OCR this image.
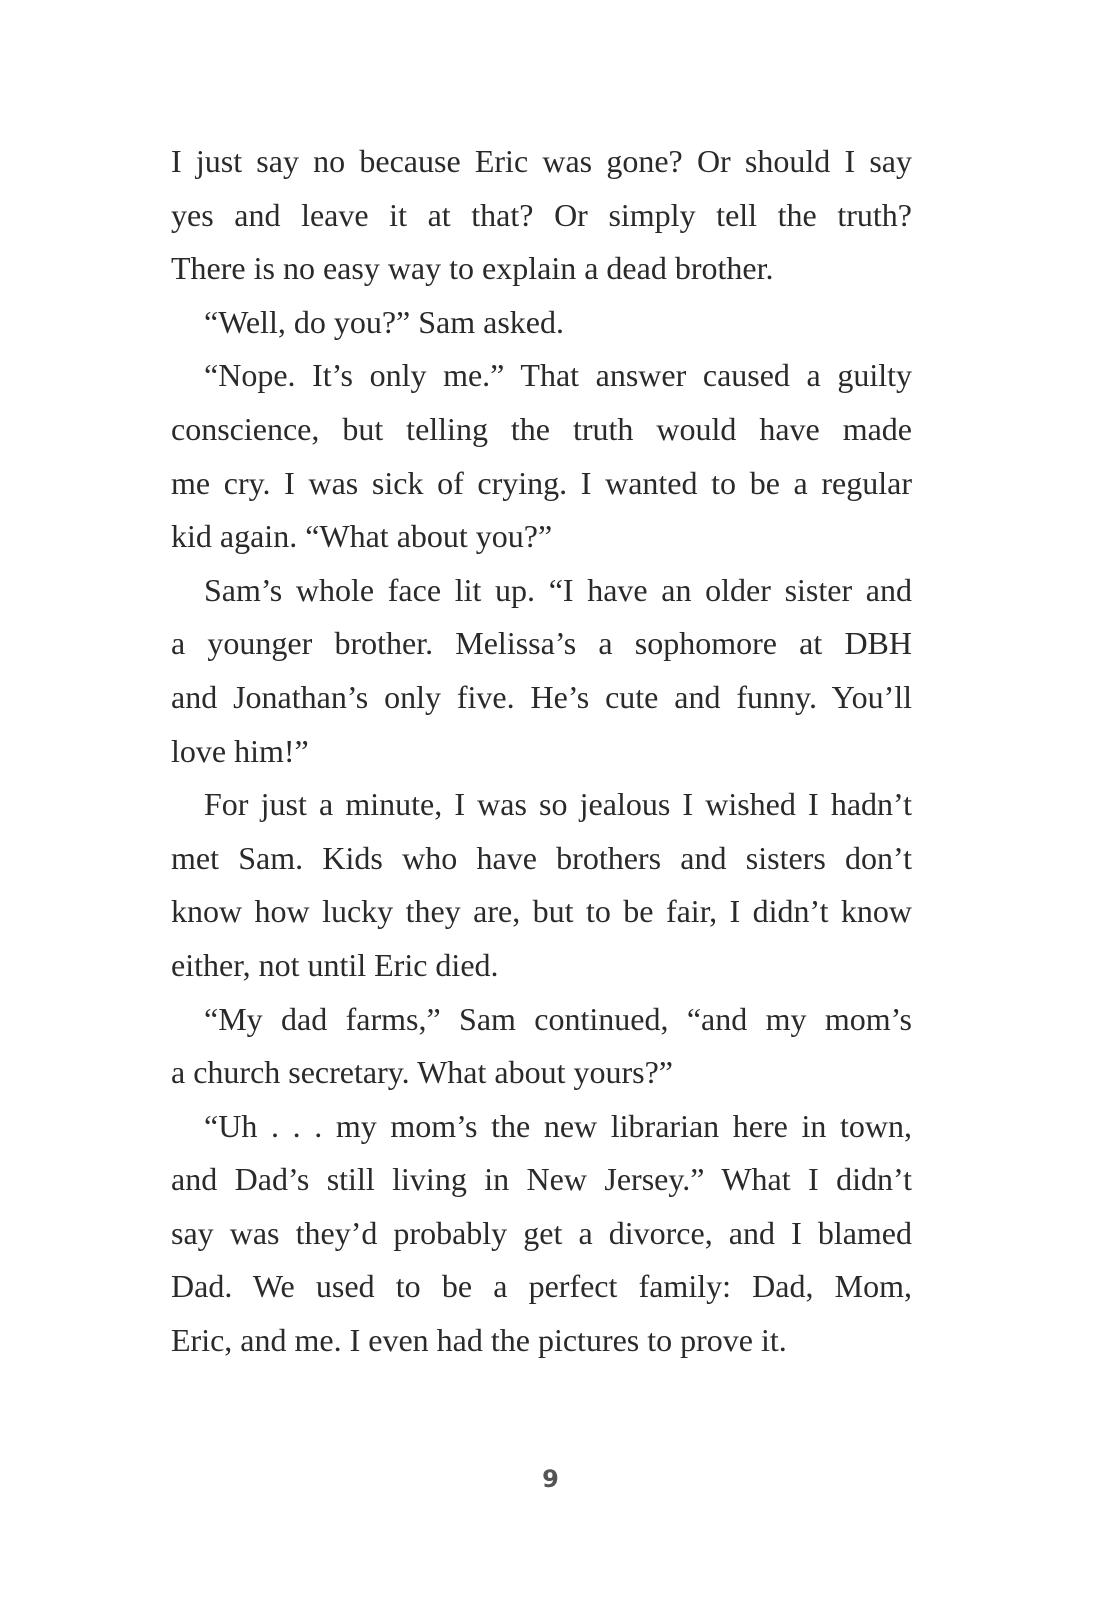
I just say no because Eric was gone? Or should I say
yes and leave it at that? Or simply tell the truth?
There is no easy way to explain a dead brother.
“Well, do you?” Sam asked.
“Nope. It’s only me.” That answer caused a guilty
conscience, but telling the truth would have made
me cry. I was sick of crying. I wanted to be a regular
kid again. “What about you?”
Sam’s whole face lit up. “I have an older sister and
a younger brother. Melissa’s a sophomore at DBH
and Jonathan’s only five. He’s cute and funny. You’ll
love him!”
For just a minute, I was so jealous I wished I hadn’t
met Sam. Kids who have brothers and sisters don’t
know how lucky they are, but to be fair, I didn’t know
either, not until Eric died.
“My dad farms,” Sam continued, “and my mom’s
a church secretary. What about yours?”
“Uh . . . my mom’s the new librarian here in town,
and Dad’s still living in New Jersey.” What I didn’t
say was they’d probably get a divorce, and I blamed
Dad. We used to be a perfect family: Dad, Mom,
Eric, and me. I even had the pictures to prove it.
9
